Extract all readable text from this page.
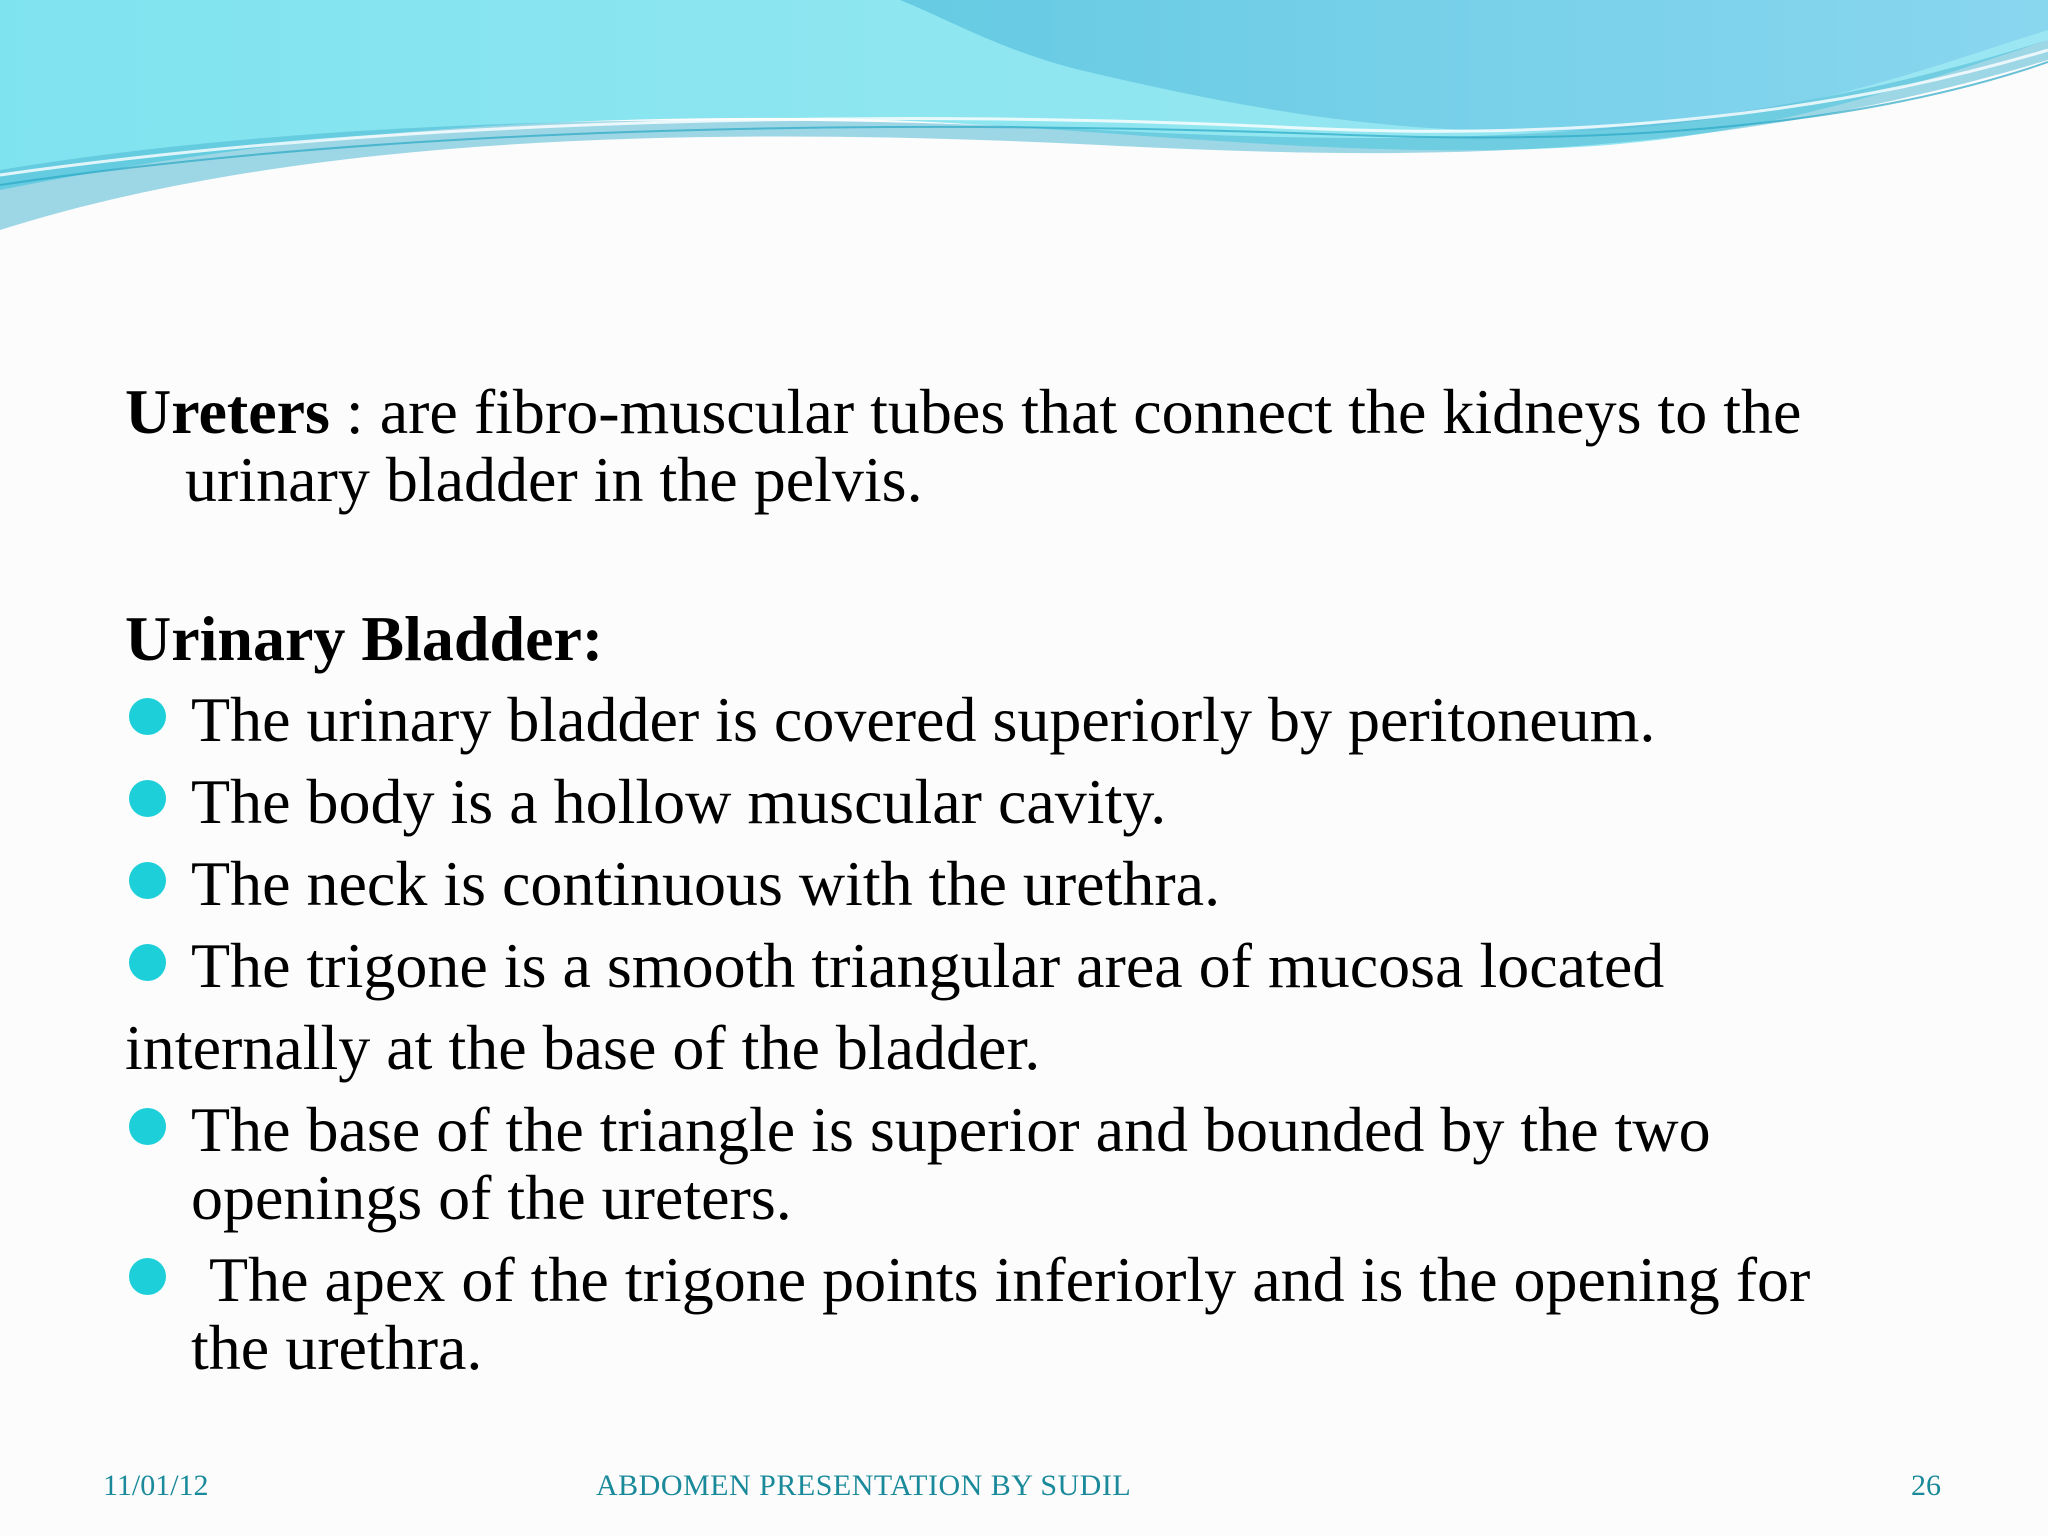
Ureters : are fibro-muscular tubes that connect the kidneys to the urinary bladder in the pelvis.

Urinary Bladder:

The urinary bladder is covered superiorly by peritoneum.

The body is a hollow muscular cavity.

The neck is continuous with the urethra.

The trigone is a smooth triangular area of mucosa located
internally at the base of the bladder.

The base of the triangle is superior and bounded by the two openings of the ureters.

The apex of the trigone points inferiorly and is the opening for the urethra.

11/01/12	ABDOMEN PRESENTATION BY SUDIL	26
